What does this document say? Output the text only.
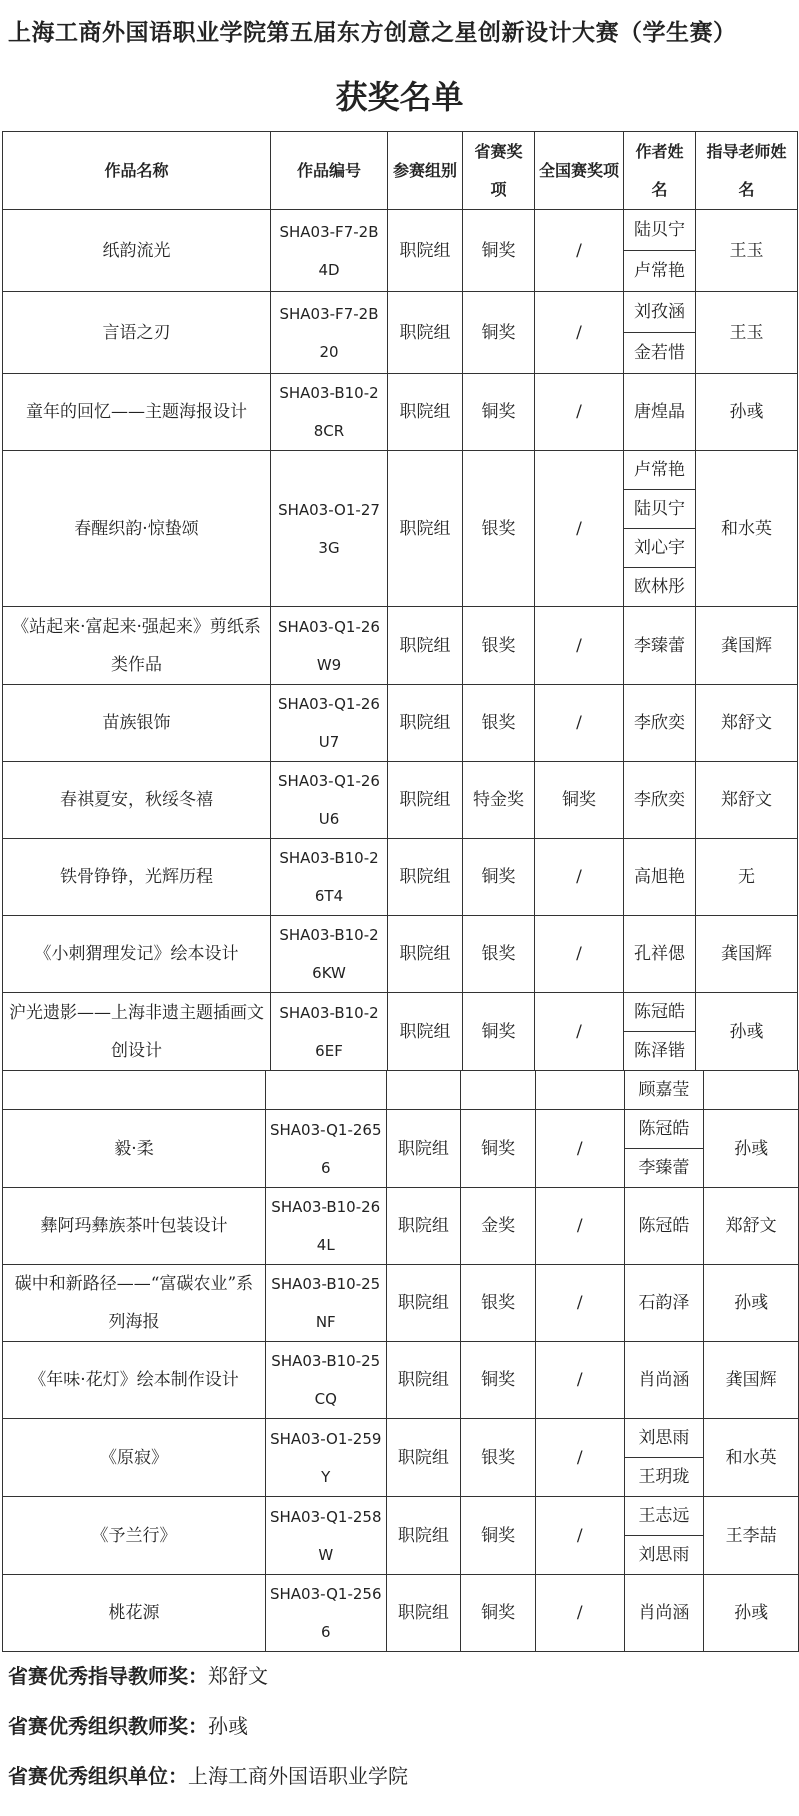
上海工商外国语职业学院第五届东方创意之星创新设计大赛（学生赛）
获奖名单
作品名称	作品编号	参赛组别	省赛奖项	全国赛奖项	作者姓名	指导老师姓名
纸韵流光	SHA03-F7-2B4D	职院组	铜奖	/	陆贝宁	王玉
					卢常艳	
言语之刃	SHA03-F7-2B20	职院组	铜奖	/	刘孜涵	王玉
					金若惜	
童年的回忆——主题海报设计	SHA03-B10-28CR	职院组	铜奖	/	唐煌晶	孙彧
春醒织韵·惊蛰颂	SHA03-O1-273G	职院组	银奖	/	卢常艳	和水英
					陆贝宁	
					刘心宇	
					欧林彤	
《站起来·富起来·强起来》剪纸系类作品	SHA03-Q1-26W9	职院组	银奖	/	李臻蕾	龚国辉
苗族银饰	SHA03-Q1-26U7	职院组	银奖	/	李欣奕	郑舒文
春祺夏安，秋绥冬禧	SHA03-Q1-26U6	职院组	特金奖	铜奖	李欣奕	郑舒文
铁骨铮铮，光辉历程	SHA03-B10-26T4	职院组	铜奖	/	高旭艳	无
《小刺猬理发记》绘本设计	SHA03-B10-26KW	职院组	银奖	/	孔祥偲	龚国辉
沪光遗影——上海非遗主题插画文创设计	SHA03-B10-26EF	职院组	铜奖	/	陈冠皓	孙彧
					陈泽锴	
					顾嘉莹	
毅·柔	SHA03-Q1-2656	职院组	铜奖	/	陈冠皓	孙彧
					李臻蕾	
彝阿玛彝族茶叶包装设计	SHA03-B10-264L	职院组	金奖	/	陈冠皓	郑舒文
碳中和新路径——“富碳农业”系列海报	SHA03-B10-25NF	职院组	银奖	/	石韵泽	孙彧
《年味·花灯》绘本制作设计	SHA03-B10-25CQ	职院组	铜奖	/	肖尚涵	龚国辉
《原寂》	SHA03-O1-259Y	职院组	银奖	/	刘思雨	和水英
					王玥珑	
《予兰行》	SHA03-Q1-258W	职院组	铜奖	/	王志远	王李喆
					刘思雨	
桃花源	SHA03-Q1-2566	职院组	铜奖	/	肖尚涵	孙彧
省赛优秀指导教师奖：郑舒文
省赛优秀组织教师奖：孙彧
省赛优秀组织单位：上海工商外国语职业学院
